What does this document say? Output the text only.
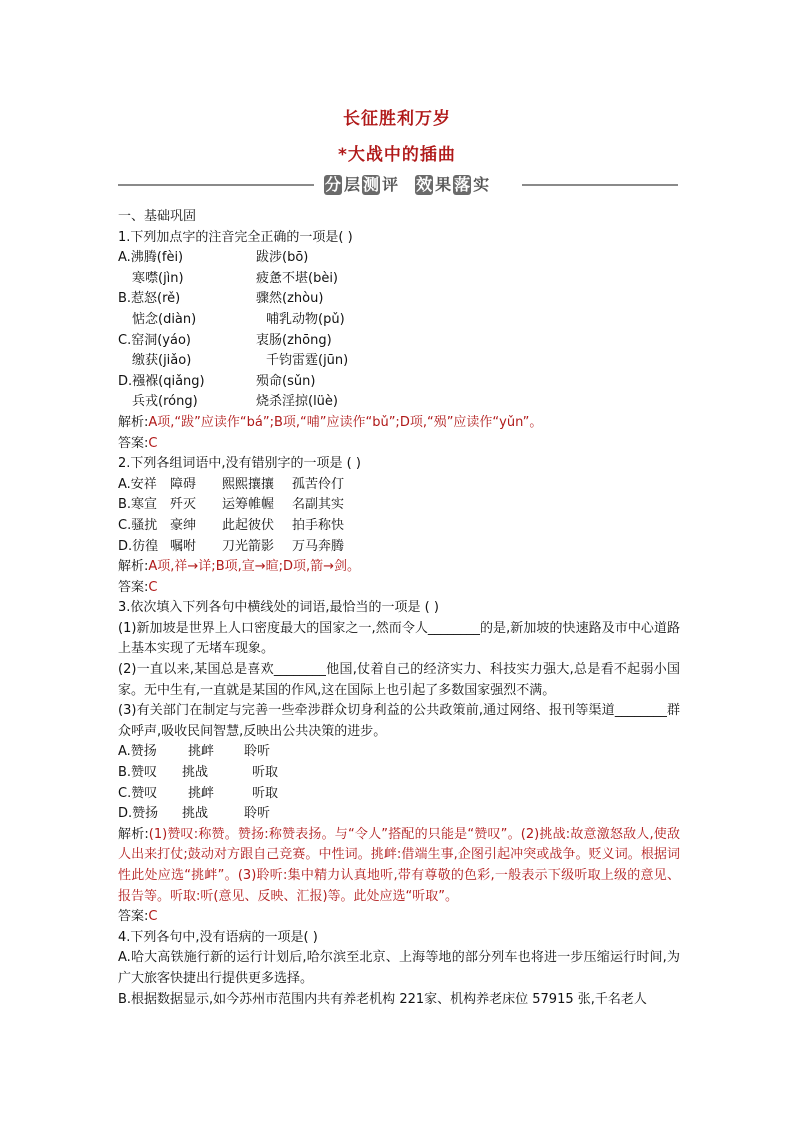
长征胜利万岁
*大战中的插曲
分 层 测 评 效 果 落 实

一、基础巩固

1.下列加点字的注音完全正确的一项是( )

A.沸腾(fèi)	跋涉(bō)

寒噤(jìn)	疲惫不堪(bèi)

B.惹怒(rě)	骤然(zhòu)

惦念(diàn)	哺乳动物(pǔ)

C.窑洞(yáo)	衷肠(zhōng)

缴获(jiǎo)	千钧雷霆(jūn)

D.襁褓(qiǎng)	殒命(sǔn)

兵戎(róng)	烧杀淫掠(lüè)

解析:A项,“跋”应读作“bá”;B项,“哺”应读作“bǔ”;D项,“殒”应读作“yǔn”。

答案:C

2.下列各组词语中,没有错别字的一项是 ( )

A.安祥 障碍 熙熙攘攘 孤苦伶仃

B.寒宣 歼灭 运筹帷幄 名副其实

C.骚扰 豪绅 此起彼伏 拍手称快

D.彷徨 嘱咐 刀光箭影 万马奔腾

解析:A项,祥→详;B项,宣→暄;D项,箭→剑。

答案:C

3.依次填入下列各句中横线处的词语,最恰当的一项是 ( )

(1)新加坡是世界上人口密度最大的国家之一,然而令人________的是,新加坡的快速路及市中心道路上基本实现了无堵车现象。

(2)一直以来,某国总是喜欢________他国,仗着自己的经济实力、科技实力强大,总是看不起弱小国家。无中生有,一直就是某国的作风,这在国际上也引起了多数国家强烈不满。

(3)有关部门在制定与完善一些牵涉群众切身利益的公共政策前,通过网络、报刊等渠道________群众呼声,吸收民间智慧,反映出公共决策的进步。

A.赞扬 挑衅 聆听

B.赞叹 挑战	听取

C.赞叹 挑衅	听取

D.赞扬 挑战	聆听

解析:(1)赞叹:称赞。赞扬:称赞表扬。与“令人”搭配的只能是“赞叹”。(2)挑战:故意激怒敌人,使敌人出来打仗;鼓动对方跟自己竞赛。中性词。挑衅:借端生事,企图引起冲突或战争。贬义词。根据词性此处应选“挑衅”。(3)聆听:集中精力认真地听,带有尊敬的色彩,一般表示下级听取上级的意见、报告等。听取:听(意见、反映、汇报)等。此处应选“听取”。

答案:C

4.下列各句中,没有语病的一项是( )

A.哈大高铁施行新的运行计划后,哈尔滨至北京、上海等地的部分列车也将进一步压缩运行时间,为广大旅客快捷出行提供更多选择。

B.根据数据显示,如今苏州市范围内共有养老机构 221家、机构养老床位 57915 张,千名老人
